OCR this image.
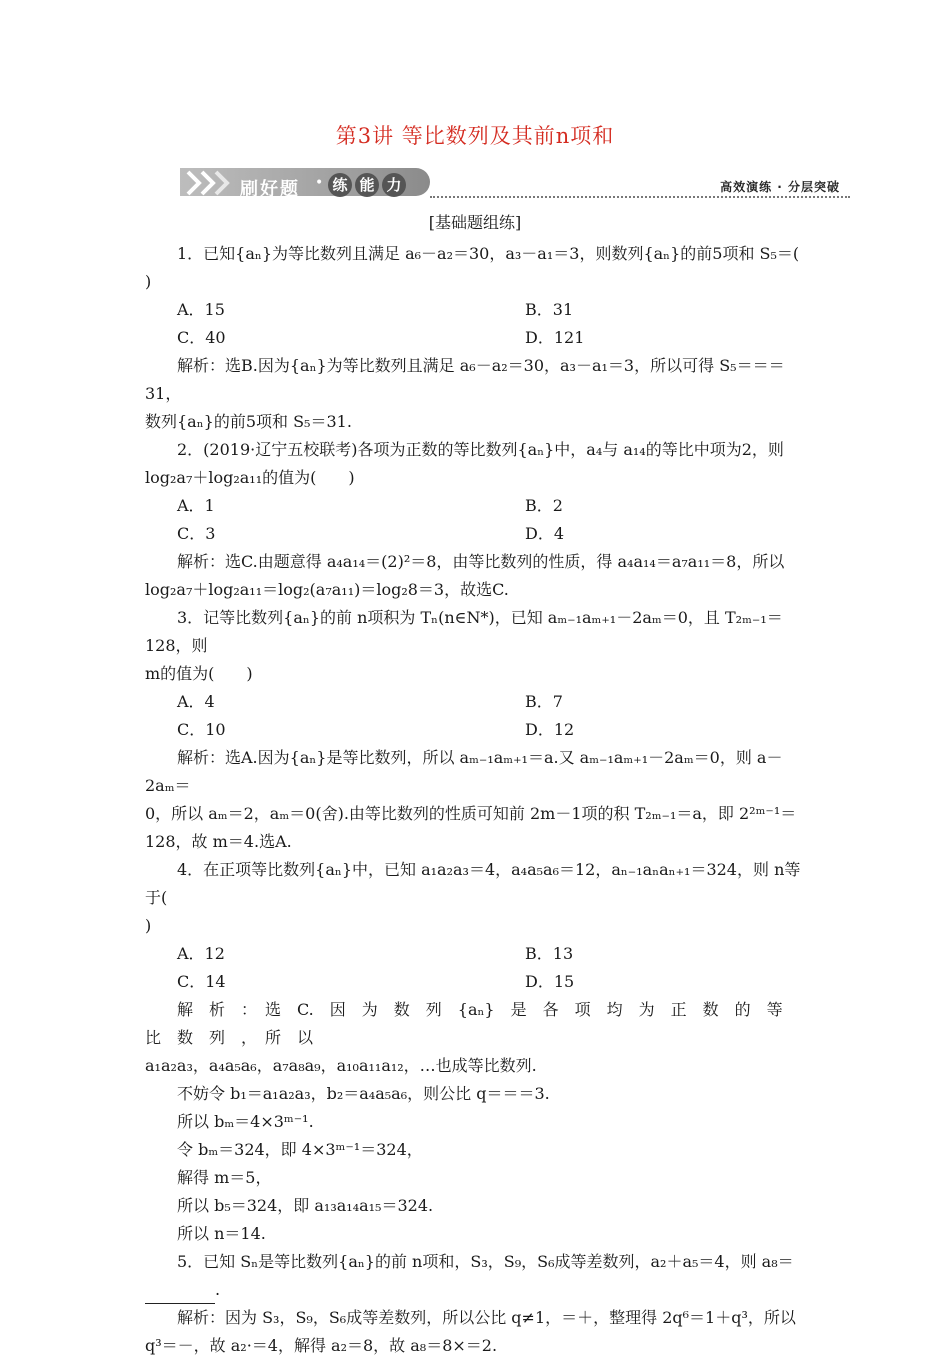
第3讲 等比数列及其前n项和
刷好题 • 练 能 力	高效演练 · 分层突破
[基础题组练]

1．已知{aₙ}为等比数列且满足 a₆－a₂＝30，a₃－a₁＝3，则数列{aₙ}的前5项和 S₅＝(

)

A．15	B．31
C．40	D．121

解析：选B.因为{aₙ}为等比数列且满足 a₆－a₂＝30，a₃－a₁＝3，所以可得 S₅＝＝＝31，

数列{aₙ}的前5项和 S₅＝31.

2．(2019·辽宁五校联考)各项为正数的等比数列{aₙ}中，a₄与 a₁₄的等比中项为2，则

log₂a₇＋log₂a₁₁的值为(　　)

A．1	B．2
C．3	D．4

解析：选C.由题意得 a₄a₁₄＝(2)²＝8，由等比数列的性质，得 a₄a₁₄＝a₇a₁₁＝8，所以

log₂a₇＋log₂a₁₁＝log₂(a₇a₁₁)＝log₂8＝3，故选C.

3．记等比数列{aₙ}的前 n项积为 Tₙ(n∈N*)，已知 aₘ₋₁aₘ₊₁－2aₘ＝0，且 T₂ₘ₋₁＝128，则

m的值为(　　)

A．4	B．7
C．10	D．12

解析：选A.因为{aₙ}是等比数列，所以 aₘ₋₁aₘ₊₁＝a.又 aₘ₋₁aₘ₊₁－2aₘ＝0，则 a－2aₘ＝

0，所以 aₘ＝2，aₘ＝0(舍).由等比数列的性质可知前 2m－1项的积 T₂ₘ₋₁＝a，即 2²ᵐ⁻¹＝

128，故 m＝4.选A.

4．在正项等比数列{aₙ}中，已知 a₁a₂a₃＝4，a₄a₅a₆＝12，aₙ₋₁aₙaₙ₊₁＝324，则 n等于(

)

A．12	B．13
C．14	D．15

解　析　：　选　C.　因　为　数　列　{aₙ}　是　各　项　均　为　正　数　的　等　比　数　列　，　所　以

a₁a₂a₃，a₄a₅a₆，a₇a₈a₉，a₁₀a₁₁a₁₂，…也成等比数列.

不妨令 b₁＝a₁a₂a₃，b₂＝a₄a₅a₆，则公比 q＝＝＝3.

所以 bₘ＝4×3ᵐ⁻¹.

令 bₘ＝324，即 4×3ᵐ⁻¹＝324，

解得 m＝5，

所以 b₅＝324，即 a₁₃a₁₄a₁₅＝324.

所以 n＝14.

5．已知 Sₙ是等比数列{aₙ}的前 n项和，S₃，S₉，S₆成等差数列，a₂＋a₅＝4，则 a₈＝

.

解析：因为 S₃，S₉，S₆成等差数列，所以公比 q≠1，＝＋，整理得 2q⁶＝1＋q³，所以

q³＝－，故 a₂·＝4，解得 a₂＝8，故 a₈＝8×＝2.
